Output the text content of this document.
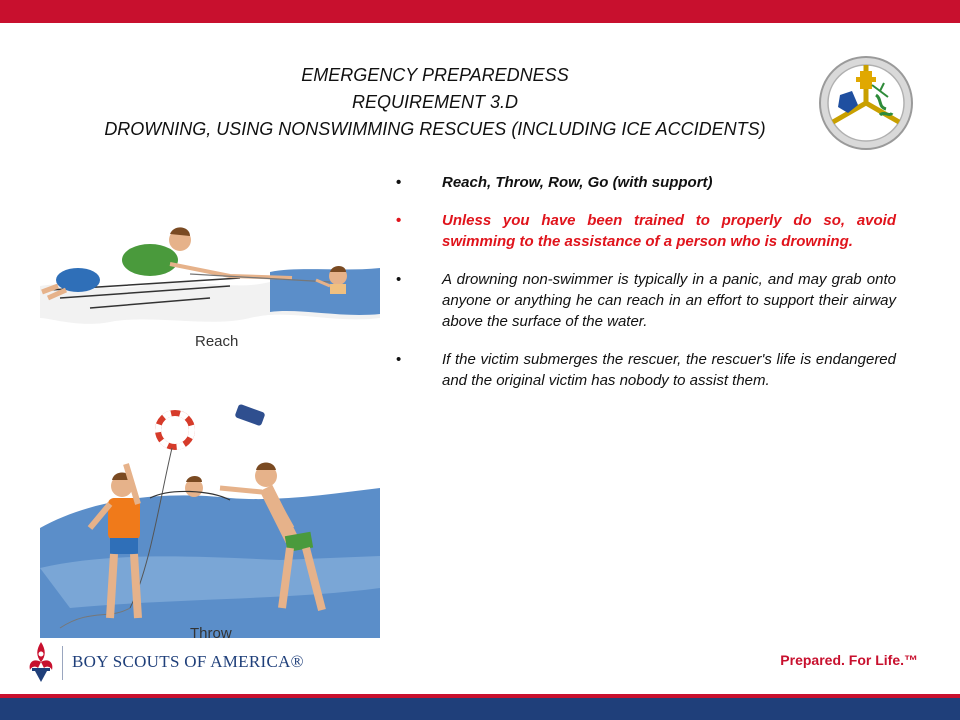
EMERGENCY PREPAREDNESS
REQUIREMENT 3.D
DROWNING, USING NONSWIMMING RESCUES (INCLUDING ICE ACCIDENTS)
Reach
Throw
•	Reach, Throw, Row, Go (with support)
•	Unless you have been trained to properly do so, avoid swimming to the assistance of a person who is drowning.
•	A drowning non-swimmer is typically in a panic, and may grab onto anyone or anything he can reach in an effort to support their airway above the surface of the water.
•	If the victim submerges the rescuer, the rescuer's life is endangered and the original victim has nobody to assist them.
BOY SCOUTS OF AMERICA®	Prepared. For Life.™
